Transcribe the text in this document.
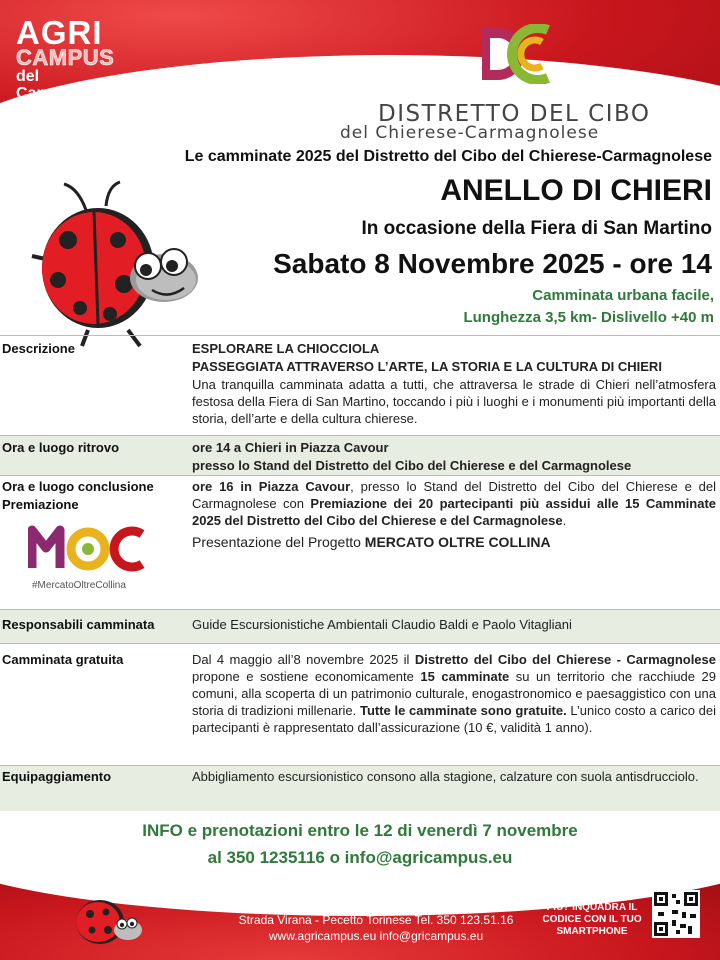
AGRI
CAMPUS
del Cammino®
DELLE COLLINE TORINESI	DISTRETTO DEL CIBO
del Chierese-Carmagnolese
Le camminate 2025 del Distretto del Cibo del Chierese-Carmagnolese
ANELLO DI CHIERI
In occasione della Fiera di San Martino
Sabato 8 Novembre 2025 - ore 14
Camminata urbana facile,
Lunghezza 3,5 km- Dislivello +40 m
Descrizione	ESPLORARE LA CHIOCCIOLA
PASSEGGIATA ATTRAVERSO L’ARTE, LA STORIA E LA CULTURA DI CHIERI
Una tranquilla camminata adatta a tutti, che attraversa le strade di Chieri nell’atmosfera festosa della Fiera di San Martino, toccando i più i luoghi e i monumenti più importanti della storia, dell’arte e della cultura chierese.
Ora e luogo ritrovo	ore 14 a Chieri in Piazza Cavour
presso lo Stand del Distretto del Cibo del Chierese e del Carmagnolese
Ora e luogo conclusione
Premiazione
ore 16 in Piazza Cavour, presso lo Stand del Distretto del Cibo del Chierese e del Carmagnolese con Premiazione dei 20 partecipanti più assidui alle 15 Camminate 2025 del Distretto del Cibo del Chierese e del Carmagnolese.
Presentazione del Progetto MERCATO OLTRE COLLINA
#MercatoOltreCollina
Responsabili camminata	Guide Escursionistiche Ambientali Claudio Baldi e Paolo Vitagliani
Camminata gratuita	Dal 4 maggio all’8 novembre 2025 il Distretto del Cibo del Chierese - Carmagnolese propone e sostiene economicamente 15 camminate su un territorio che racchiude 29 comuni, alla scoperta di un patrimonio culturale, enogastronomico e paesaggistico con una storia di tradizioni millenarie. Tutte le camminate sono gratuite. L’unico costo a carico dei partecipanti è rappresentato dall’assicurazione (10 €, validità 1 anno).
Equipaggiamento	Abbigliamento escursionistico consono alla stagione, calzature con suola antisdrucciolo.
INFO e prenotazioni entro le 12 di venerdì 7 novembre
al 350 1235116 o info@agricampus.eu
AgriCampus del Cammino® delle Colline torinesi
Strada Virana - Pecetto Torinese Tel. 350 123.51.16
www.agricampus.eu info@gricampus.eu
VUOI SAPERNE DI PIÙ? INQUADRA IL CODICE CON IL TUO SMARTPHONE
